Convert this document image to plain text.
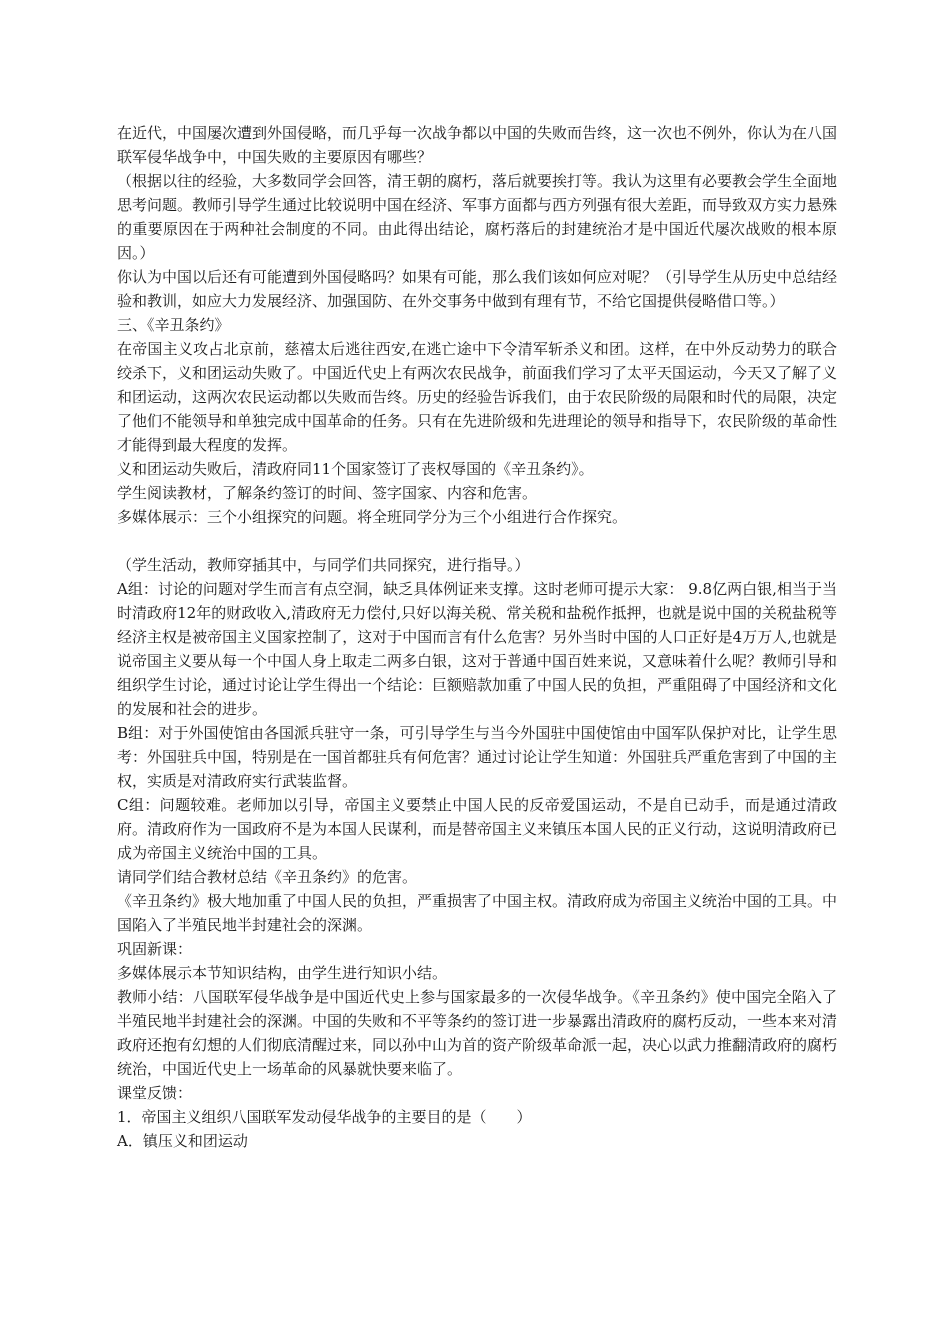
在近代，中国屡次遭到外国侵略，而几乎每一次战争都以中国的失败而告终，这一次也不例外，你认为在八国联军侵华战争中，中国失败的主要原因有哪些？

（根据以往的经验，大多数同学会回答，清王朝的腐朽，落后就要挨打等。我认为这里有必要教会学生全面地思考问题。教师引导学生通过比较说明中国在经济、军事方面都与西方列强有很大差距，而导致双方实力悬殊的重要原因在于两种社会制度的不同。由此得出结论，腐朽落后的封建统治才是中国近代屡次战败的根本原因。）

你认为中国以后还有可能遭到外国侵略吗？如果有可能，那么我们该如何应对呢？（引导学生从历史中总结经验和教训，如应大力发展经济、加强国防、在外交事务中做到有理有节，不给它国提供侵略借口等。）

三、《辛丑条约》

在帝国主义攻占北京前，慈禧太后逃往西安,在逃亡途中下令清军斩杀义和团。这样，在中外反动势力的联合绞杀下，义和团运动失败了。中国近代史上有两次农民战争，前面我们学习了太平天国运动，今天又了解了义和团运动，这两次农民运动都以失败而告终。历史的经验告诉我们，由于农民阶级的局限和时代的局限，决定了他们不能领导和单独完成中国革命的任务。只有在先进阶级和先进理论的领导和指导下，农民阶级的革命性才能得到最大程度的发挥。

义和团运动失败后，清政府同11个国家签订了丧权辱国的《辛丑条约》。

学生阅读教材，了解条约签订的时间、签字国家、内容和危害。

多媒体展示：三个小组探究的问题。将全班同学分为三个小组进行合作探究。

（学生活动，教师穿插其中，与同学们共同探究，进行指导。）

A组：讨论的问题对学生而言有点空洞，缺乏具体例证来支撑。这时老师可提示大家： 9.8亿两白银,相当于当时清政府12年的财政收入,清政府无力偿付,只好以海关税、常关税和盐税作抵押，也就是说中国的关税盐税等经济主权是被帝国主义国家控制了，这对于中国而言有什么危害？另外当时中国的人口正好是4万万人,也就是说帝国主义要从每一个中国人身上取走二两多白银，这对于普通中国百姓来说，又意味着什么呢？教师引导和组织学生讨论，通过讨论让学生得出一个结论：巨额赔款加重了中国人民的负担，严重阻碍了中国经济和文化的发展和社会的进步。

B组：对于外国使馆由各国派兵驻守一条，可引导学生与当今外国驻中国使馆由中国军队保护对比，让学生思考：外国驻兵中国，特别是在一国首都驻兵有何危害？通过讨论让学生知道：外国驻兵严重危害到了中国的主权，实质是对清政府实行武装监督。

C组：问题较难。老师加以引导，帝国主义要禁止中国人民的反帝爱国运动，不是自已动手，而是通过清政府。清政府作为一国政府不是为本国人民谋利，而是替帝国主义来镇压本国人民的正义行动，这说明清政府已成为帝国主义统治中国的工具。

请同学们结合教材总结《辛丑条约》的危害。

《辛丑条约》极大地加重了中国人民的负担，严重损害了中国主权。清政府成为帝国主义统治中国的工具。中国陷入了半殖民地半封建社会的深渊。

巩固新课：

多媒体展示本节知识结构，由学生进行知识小结。

教师小结：八国联军侵华战争是中国近代史上参与国家最多的一次侵华战争。《辛丑条约》使中国完全陷入了半殖民地半封建社会的深渊。中国的失败和不平等条约的签订进一步暴露出清政府的腐朽反动，一些本来对清政府还抱有幻想的人们彻底清醒过来，同以孙中山为首的资产阶级革命派一起，决心以武力推翻清政府的腐朽统治，中国近代史上一场革命的风暴就快要来临了。

课堂反馈：

1．帝国主义组织八国联军发动侵华战争的主要目的是（　　）

A．镇压义和团运动
